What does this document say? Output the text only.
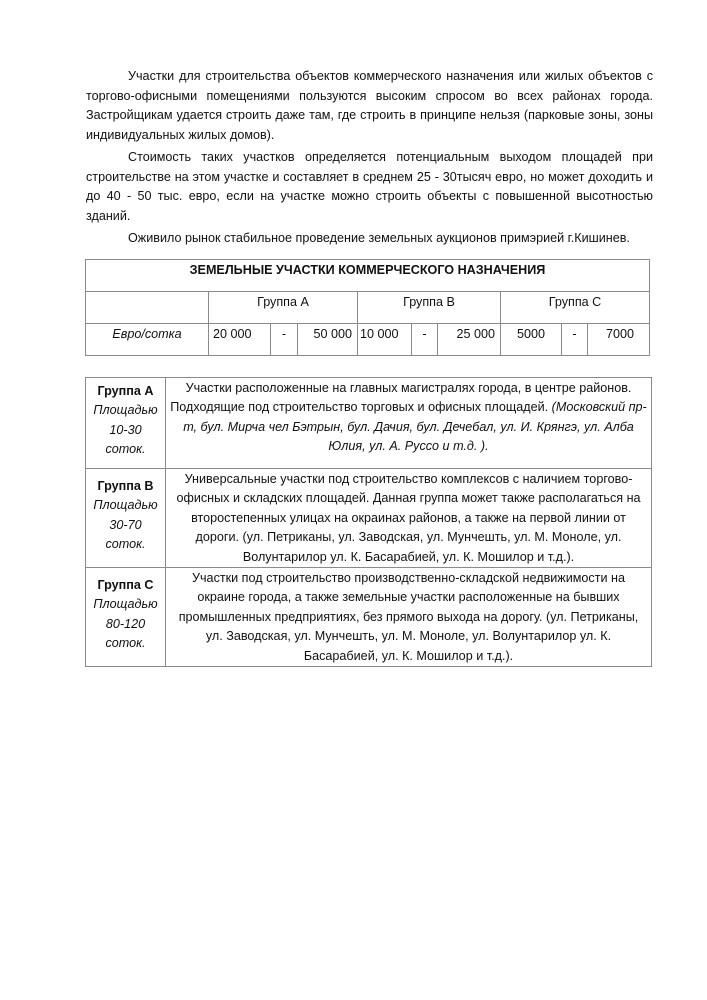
Участки для строительства объектов коммерческого назначения или жилых объектов с торгово-офисными помещениями пользуются высоким спросом во всех районах города. Застройщикам удается строить даже там, где строить в принципе нельзя (парковые зоны, зоны индивидуальных жилых домов).

Стоимость таких участков определяется потенциальным выходом площадей при строительстве на этом участке и составляет в среднем 25 - 30тысяч евро, но может доходить и до 40 - 50 тыс. евро, если на участке можно строить объекты с повышенной высотностью зданий.

Оживило рынок стабильное проведение земельных аукционов примэрией г.Кишинев.

ЗЕМЕЛЬНЫЕ УЧАСТКИ КОММЕРЧЕСКОГО НАЗНАЧЕНИЯ									
	Группа А			Группа В			Группа С		
Евро/сотка	20 000	-	50 000	10 000	-	25 000	5000	-	7000
Группа А
Площадью
10-30
соток.
	Участки расположенные на главных магистралях города, в центре районов. Подходящие под строительство торговых и офисных площадей. (Московский пр-т, бул. Мирча чел Бэтрын, бул. Дачия, бул. Дечебал, ул. И. Крянгэ, ул. Алба Юлия, ул. А. Руссо и т.д. ).

Группа В
Площадью
30-70
соток.
	Универсальные участки под строительство комплексов с наличием торгово-офисных и складских площадей. Данная группа может также располагаться на второстепенных улицах на окраинах районов, а также на первой линии от дороги. (ул. Петриканы, ул. Заводская, ул. Мунчешть, ул. М. Моноле, ул. Волунтарилор ул. К. Басарабией, ул. К. Мошилор и т.д.).

Группа С
Площадью
80-120
соток.
	Участки под строительство производственно-складской недвижимости на окраине города, а также земельные участки расположенные на бывших промышленных предприятиях, без прямого выхода на дорогу. (ул. Петриканы, ул. Заводская, ул. Мунчешть, ул. М. Моноле, ул. Волунтарилор ул. К. Басарабией, ул. К. Мошилор и т.д.).
